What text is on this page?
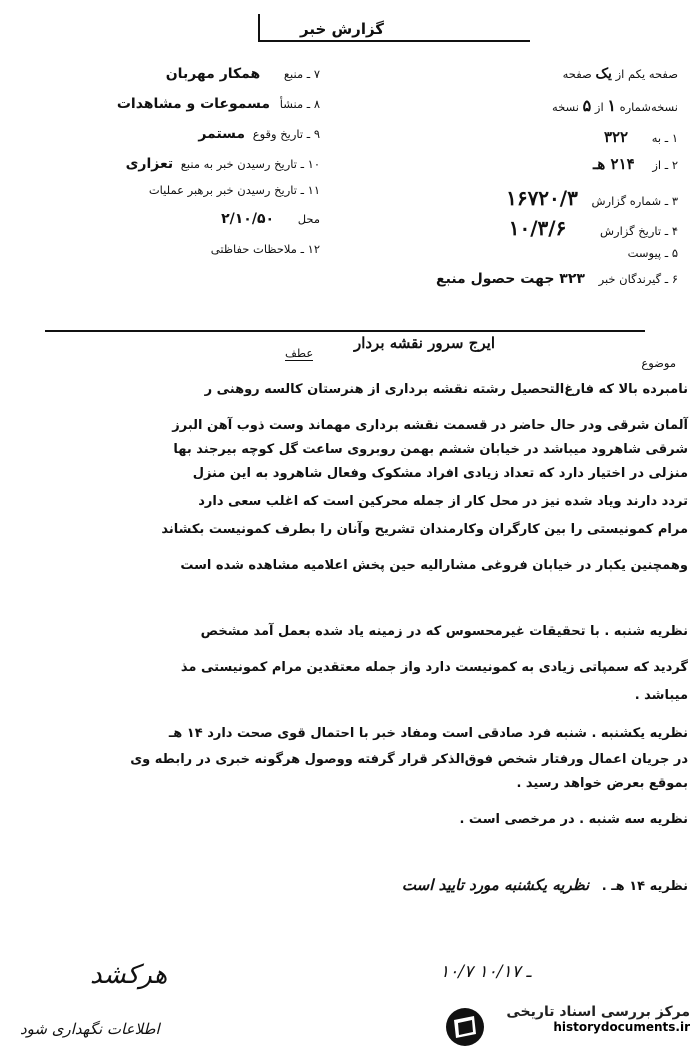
گزارش خبر
صفحه یکم از یک صفحه
نسخه‌شماره ۱ از ۵ نسخه
۱ ـ به ۳۲۲
۲ ـ از ۲۱۴ هـ
۳ ـ شماره گزارش ۱۶۷۲۰/۳
۴ ـ تاریخ گزارش ۱۰/۳/۶
۵ ـ پیوست
۶ ـ گیرندگان خبر ۳۲۳ جهت حصول منبع
۷ ـ منبع همکار مهربان
۸ ـ منشأ مسموعات و مشاهدات
۹ ـ تاریخ وقوع مستمر
۱۰ ـ تاریخ رسیدن خبر به منبع تعزاری
۱۱ ـ تاریخ رسیدن خبر برهبر عملیات
محل ۲/۱۰/۵۰
۱۲ ـ ملاحظات حفاظتی
ایرج سرور نقشه بردار
موضوع
عطف
نامبرده بالا که فارغ‌التحصیل رشته نقشه برداری از هنرستان کالسه روهنی ر
آلمان شرقی ودر حال حاضر در قسمت نقشه برداری مهماند وست ذوب آهن البرز
شرقی شاهرود میباشد در خیابان ششم بهمن روبروی ساعت گل کوچه بیرجند بها
منزلی در اختیار دارد که تعداد زیادی افراد مشکوک وفعال شاهرود به این منزل
تردد دارند ویاد شده نیز در محل کار از جمله محرکین است که اغلب سعی دارد
مرام کمونیستی را بین کارگران وکارمندان تشریح وآنان را بطرف کمونیست بکشاند
وهمچنین یکبار در خیابان فروغی مشارالیه حین پخش اعلامیه مشاهده شده است
نظریه شنبه . با تحقیقات غیرمحسوس که در زمینه یاد شده بعمل آمد مشخص
گردید که سمپاتی زیادی به کمونیست دارد واز جمله معتقدین مرام کمونیستی مذ
میباشد .
نظریه یکشنبه . شنبه فرد صادقی است ومفاد خبر با احتمال قوی صحت دارد ۱۴ هـ
در جریان اعمال ورفتار شخص فوق‌الذکر قرار گرفته ووصول هرگونه خبری در رابطه وی
بموقع بعرض خواهد رسید .
نظریه سه شنبه . در مرخصی است .
نظریه ۱۴ هـ . نظریه یکشنبه مورد تایید است
هرکشد
اطلاعات نگهداری شود
۱۰/۷ ـ ۱۰/۱۷
مرکز بررسی اسناد تاریخی
historydocuments.ir
